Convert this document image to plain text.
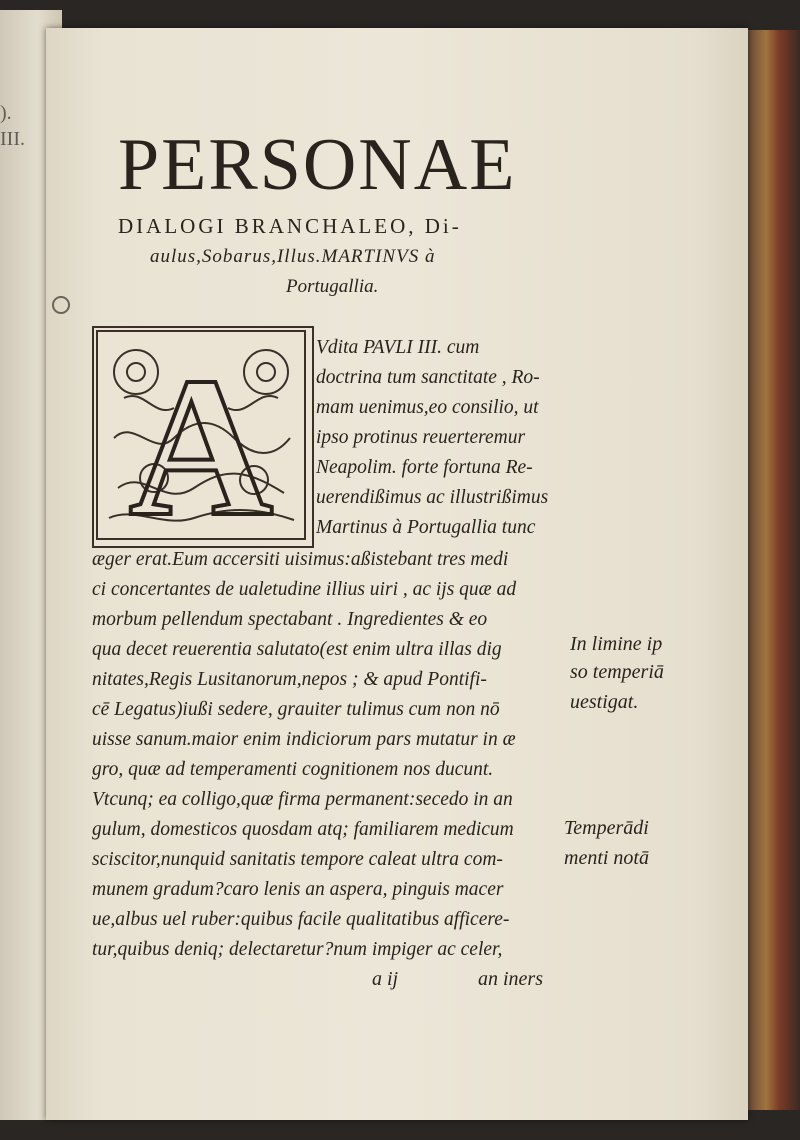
). III. PERSONAE
DIALOGI BRANCHALEO, Di-
aulus,Sobarus,Illus.MARTINVS à
Portugallia.
A Vdita PAVLI III. cum
doctrina tum sanctitate , Ro-
mam uenimus,eo consilio, ut
ipso protinus reuerteremur
Neapolim. forte fortuna Re-
uerendißimus ac illustrißimus
Martinus à Portugallia tunc
æger erat.Eum accersiti uisimus:aßistebant tres medi
ci concertantes de ualetudine illius uiri , ac ijs quæ ad
morbum pellendum spectabant . Ingredientes & eo
qua decet reuerentia salutato(est enim ultra illas dig
nitates,Regis Lusitanorum,nepos ; & apud Pontifi-
cē Legatus)iußi sedere, grauiter tulimus cum non nō
uisse sanum.maior enim indiciorum pars mutatur in æ
gro, quæ ad temperamenti cognitionem nos ducunt.
Vtcunq; ea colligo,quæ firma permanent:secedo in an
gulum, domesticos quosdam atq; familiarem medicum
sciscitor,nunquid sanitatis tempore caleat ultra com-
munem gradum?caro lenis an aspera, pinguis macer
ue,albus uel ruber:quibus facile qualitatibus afficere-
tur,quibus deniq; delectaretur?num impiger ac celer,
In limine ip
so temperiā
uestigat.
Temperādi
menti notā
a ij	an iners
